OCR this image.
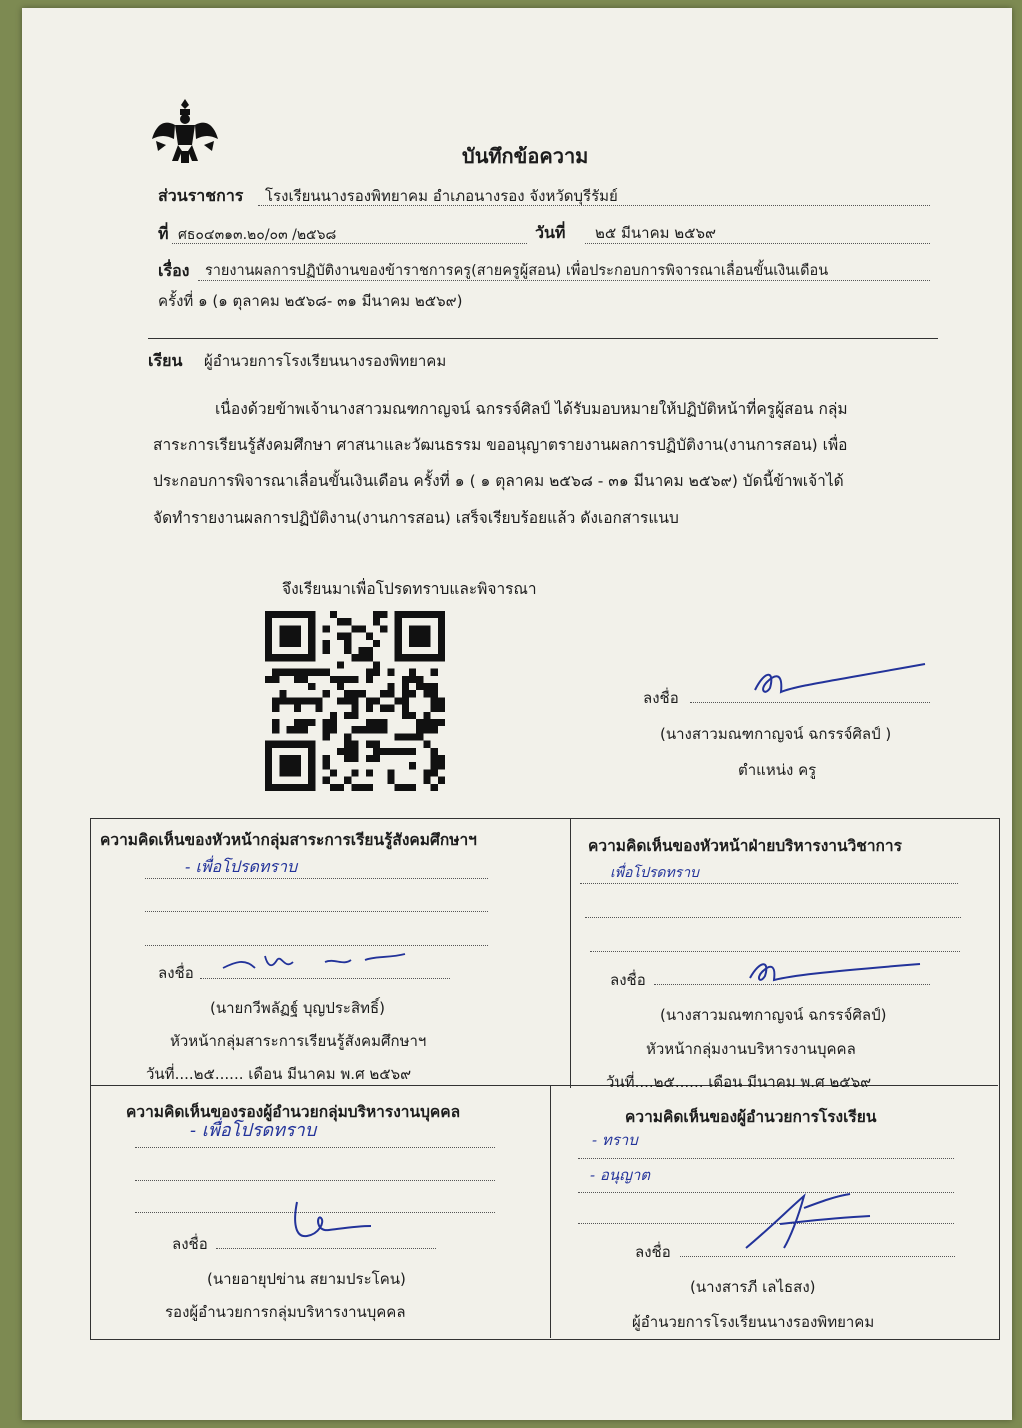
บันทึกข้อความ
ส่วนราชการ โรงเรียนนางรองพิทยาคม อำเภอนางรอง จังหวัดบุรีรัมย์
ที่ ศธ๐๔๓๑๓.๒๐/๐๓ /๒๕๖๘	วันที่ ๒๕ มีนาคม ๒๕๖๙
เรื่อง รายงานผลการปฏิบัติงานของข้าราชการครู(สายครูผู้สอน) เพื่อประกอบการพิจารณาเลื่อนขั้นเงินเดือน
ครั้งที่ ๑ (๑ ตุลาคม ๒๕๖๘- ๓๑ มีนาคม ๒๕๖๙)
เรียน ผู้อำนวยการโรงเรียนนางรองพิทยาคม
เนื่องด้วยข้าพเจ้านางสาวมณฑกาญจน์ ฉกรรจ์ศิลป์ ได้รับมอบหมายให้ปฏิบัติหน้าที่ครูผู้สอน กลุ่ม
สาระการเรียนรู้สังคมศึกษา ศาสนาและวัฒนธรรม ขออนุญาตรายงานผลการปฏิบัติงาน(งานการสอน) เพื่อ
ประกอบการพิจารณาเลื่อนขั้นเงินเดือน ครั้งที่ ๑ ( ๑ ตุลาคม ๒๕๖๘ - ๓๑ มีนาคม ๒๕๖๙) บัดนี้ข้าพเจ้าได้
จัดทำรายงานผลการปฏิบัติงาน(งานการสอน) เสร็จเรียบร้อยแล้ว ดังเอกสารแนบ
จึงเรียนมาเพื่อโปรดทราบและพิจารณา
ลงชื่อ
(นางสาวมณฑกาญจน์ ฉกรรจ์ศิลป์ )
ตำแหน่ง ครู
ความคิดเห็นของหัวหน้ากลุ่มสาระการเรียนรู้สังคมศึกษาฯ
- เพื่อโปรดทราบ
ลงชื่อ
(นายกวีพลัฏฐ์ บุญประสิทธิ์)
หัวหน้ากลุ่มสาระการเรียนรู้สังคมศึกษาฯ
วันที่....๒๕...... เดือน มีนาคม พ.ศ ๒๕๖๙
ความคิดเห็นของหัวหน้าฝ่ายบริหารงานวิชาการ
เพื่อโปรดทราบ
ลงชื่อ
(นางสาวมณฑกาญจน์ ฉกรรจ์ศิลป์)
หัวหน้ากลุ่มงานบริหารงานบุคคล
วันที่....๒๕...... เดือน มีนาคม พ.ศ ๒๕๖๙
ความคิดเห็นของรองผู้อำนวยกลุ่มบริหารงานบุคคล
- เพื่อโปรดทราบ
ลงชื่อ
(นายอายุปข่าน สยามประโคน)
รองผู้อำนวยการกลุ่มบริหารงานบุคคล
ความคิดเห็นของผู้อำนวยการโรงเรียน
- ทราบ
- อนุญาต
ลงชื่อ
(นางสารภี เลไธสง)
ผู้อำนวยการโรงเรียนนางรองพิทยาคม
